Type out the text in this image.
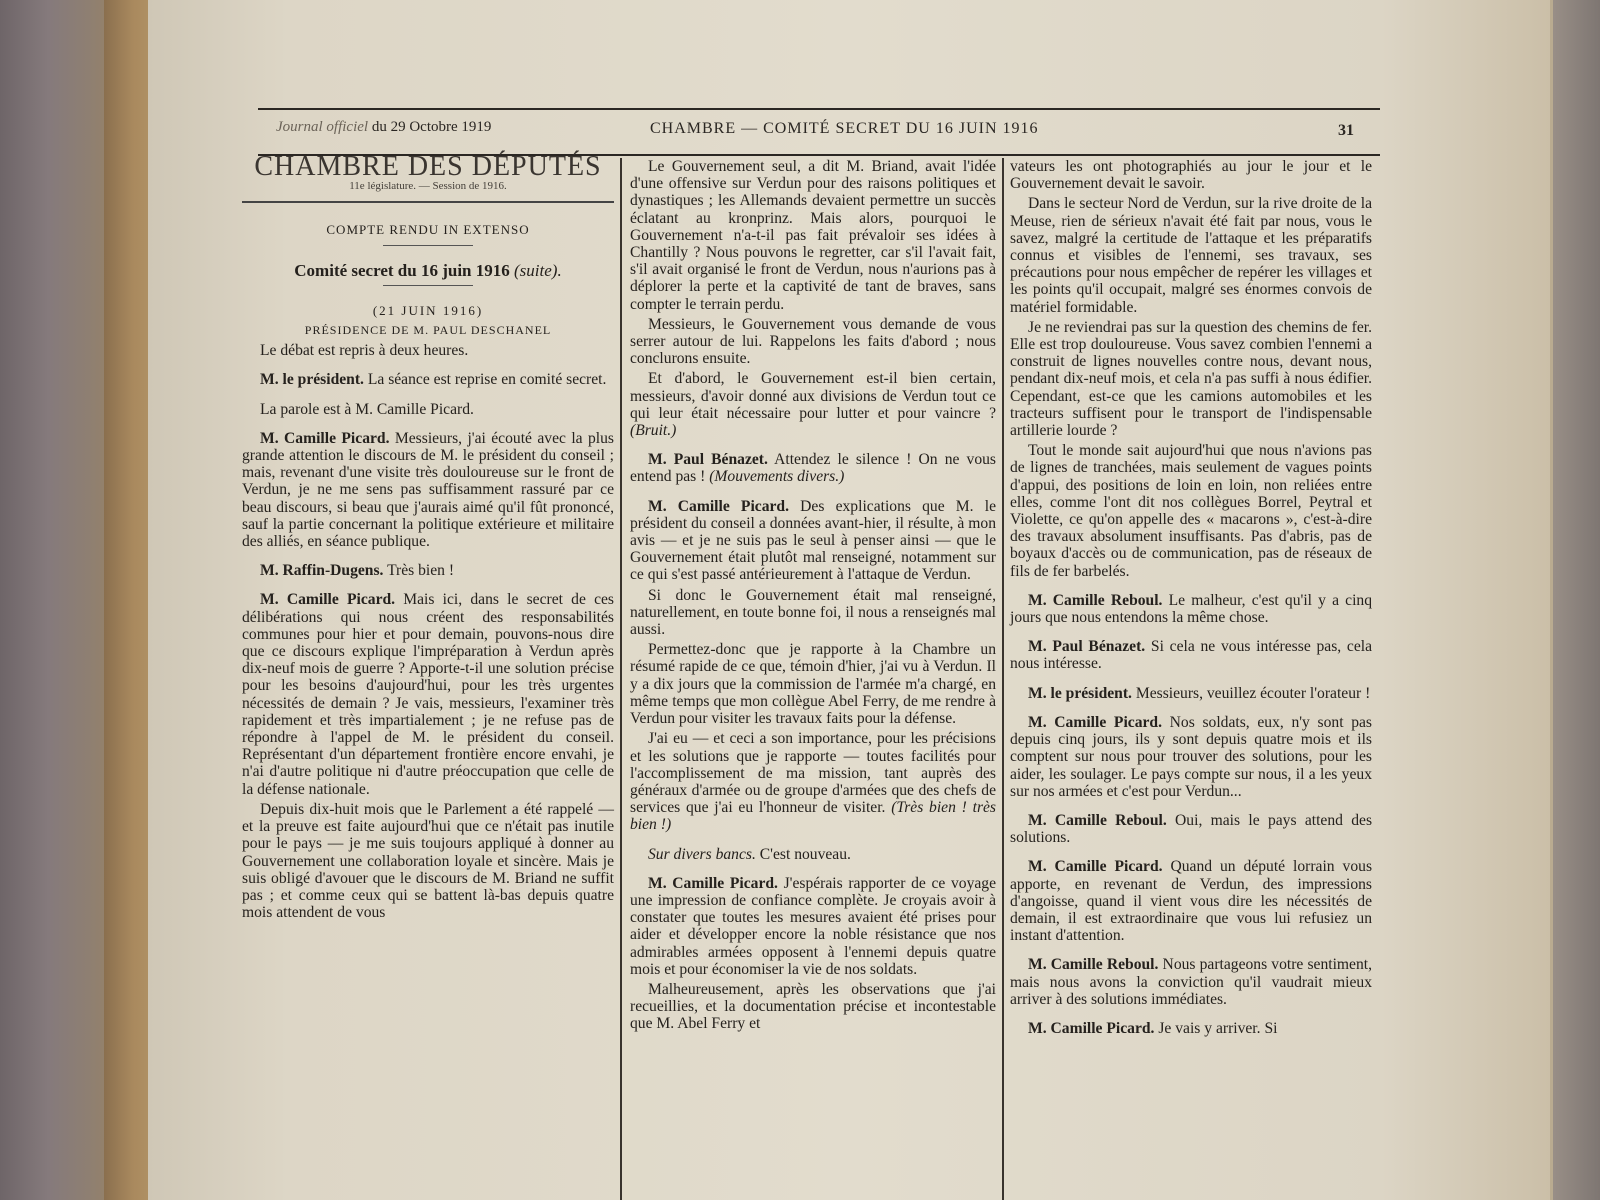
Journal officiel du 29 Octobre 1919	CHAMBRE — COMITÉ SECRET DU 16 JUIN 1916	31

CHAMBRE DES DÉPUTÉS

11e législature. — Session de 1916.

COMPTE RENDU IN EXTENSO

Comité secret du 16 juin 1916 (suite).

(21 JUIN 1916)

PRÉSIDENCE DE M. PAUL DESCHANEL

Le débat est repris à deux heures.

M. le président. La séance est reprise en comité secret.

La parole est à M. Camille Picard.

M. Camille Picard. Messieurs, j'ai écouté avec la plus grande attention le discours de M. le président du conseil ; mais, revenant d'une visite très douloureuse sur le front de Verdun, je ne me sens pas suffisamment rassuré par ce beau discours, si beau que j'aurais aimé qu'il fût prononcé, sauf la partie concernant la politique extérieure et militaire des alliés, en séance publique.

M. Raffin-Dugens. Très bien !

M. Camille Picard. Mais ici, dans le secret de ces délibérations qui nous créent des responsabilités communes pour hier et pour demain, pouvons-nous dire que ce discours explique l'impréparation à Verdun après dix-neuf mois de guerre ? Apporte-t-il une solution précise pour les besoins d'aujourd'hui, pour les très urgentes nécessités de demain ? Je vais, messieurs, l'examiner très rapidement et très impartialement ; je ne refuse pas de répondre à l'appel de M. le président du conseil. Représentant d'un département frontière encore envahi, je n'ai d'autre politique ni d'autre préoccupation que celle de la défense nationale.

Depuis dix-huit mois que le Parlement a été rappelé — et la preuve est faite aujourd'hui que ce n'était pas inutile pour le pays — je me suis toujours appliqué à donner au Gouvernement une collaboration loyale et sincère. Mais je suis obligé d'avouer que le discours de M. Briand ne suffit pas ; et comme ceux qui se battent là-bas depuis quatre mois attendent de vous

Le Gouvernement seul, a dit M. Briand, avait l'idée d'une offensive sur Verdun pour des raisons politiques et dynastiques ; les Allemands devaient permettre un succès éclatant au kronprinz. Mais alors, pourquoi le Gouvernement n'a-t-il pas fait prévaloir ses idées à Chantilly ? Nous pouvons le regretter, car s'il l'avait fait, s'il avait organisé le front de Verdun, nous n'aurions pas à déplorer la perte et la captivité de tant de braves, sans compter le terrain perdu.

Messieurs, le Gouvernement vous demande de vous serrer autour de lui. Rappelons les faits d'abord ; nous conclurons ensuite.

Et d'abord, le Gouvernement est-il bien certain, messieurs, d'avoir donné aux divisions de Verdun tout ce qui leur était nécessaire pour lutter et pour vaincre ? (Bruit.)

M. Paul Bénazet. Attendez le silence ! On ne vous entend pas ! (Mouvements divers.)

M. Camille Picard. Des explications que M. le président du conseil a données avant-hier, il résulte, à mon avis — et je ne suis pas le seul à penser ainsi — que le Gouvernement était plutôt mal renseigné, notamment sur ce qui s'est passé antérieurement à l'attaque de Verdun.

Si donc le Gouvernement était mal renseigné, naturellement, en toute bonne foi, il nous a renseignés mal aussi.

Permettez-donc que je rapporte à la Chambre un résumé rapide de ce que, témoin d'hier, j'ai vu à Verdun. Il y a dix jours que la commission de l'armée m'a chargé, en même temps que mon collègue Abel Ferry, de me rendre à Verdun pour visiter les travaux faits pour la défense.

J'ai eu — et ceci a son importance, pour les précisions et les solutions que je rapporte — toutes facilités pour l'accomplissement de ma mission, tant auprès des généraux d'armée ou de groupe d'armées que des chefs de services que j'ai eu l'honneur de visiter. (Très bien ! très bien !)

Sur divers bancs. C'est nouveau.

M. Camille Picard. J'espérais rapporter de ce voyage une impression de confiance complète. Je croyais avoir à constater que toutes les mesures avaient été prises pour aider et développer encore la noble résistance que nos admirables armées opposent à l'ennemi depuis quatre mois et pour économiser la vie de nos soldats.

Malheureusement, après les observations que j'ai recueillies, et la documentation précise et incontestable que M. Abel Ferry et

vateurs les ont photographiés au jour le jour et le Gouvernement devait le savoir.

Dans le secteur Nord de Verdun, sur la rive droite de la Meuse, rien de sérieux n'avait été fait par nous, vous le savez, malgré la certitude de l'attaque et les préparatifs connus et visibles de l'ennemi, ses travaux, ses précautions pour nous empêcher de repérer les villages et les points qu'il occupait, malgré ses énormes convois de matériel formidable.

Je ne reviendrai pas sur la question des chemins de fer. Elle est trop douloureuse. Vous savez combien l'ennemi a construit de lignes nouvelles contre nous, devant nous, pendant dix-neuf mois, et cela n'a pas suffi à nous édifier. Cependant, est-ce que les camions automobiles et les tracteurs suffisent pour le transport de l'indispensable artillerie lourde ?

Tout le monde sait aujourd'hui que nous n'avions pas de lignes de tranchées, mais seulement de vagues points d'appui, des positions de loin en loin, non reliées entre elles, comme l'ont dit nos collègues Borrel, Peytral et Violette, ce qu'on appelle des « macarons », c'est-à-dire des travaux absolument insuffisants. Pas d'abris, pas de boyaux d'accès ou de communication, pas de réseaux de fils de fer barbelés.

M. Camille Reboul. Le malheur, c'est qu'il y a cinq jours que nous entendons la même chose.

M. Paul Bénazet. Si cela ne vous intéresse pas, cela nous intéresse.

M. le président. Messieurs, veuillez écouter l'orateur !

M. Camille Picard. Nos soldats, eux, n'y sont pas depuis cinq jours, ils y sont depuis quatre mois et ils comptent sur nous pour trouver des solutions, pour les aider, les soulager. Le pays compte sur nous, il a les yeux sur nos armées et c'est pour Verdun...

M. Camille Reboul. Oui, mais le pays attend des solutions.

M. Camille Picard. Quand un député lorrain vous apporte, en revenant de Verdun, des impressions d'angoisse, quand il vient vous dire les nécessités de demain, il est extraordinaire que vous lui refusiez un instant d'attention.

M. Camille Reboul. Nous partageons votre sentiment, mais nous avons la conviction qu'il vaudrait mieux arriver à des solutions immédiates.

M. Camille Picard. Je vais y arriver. Si
